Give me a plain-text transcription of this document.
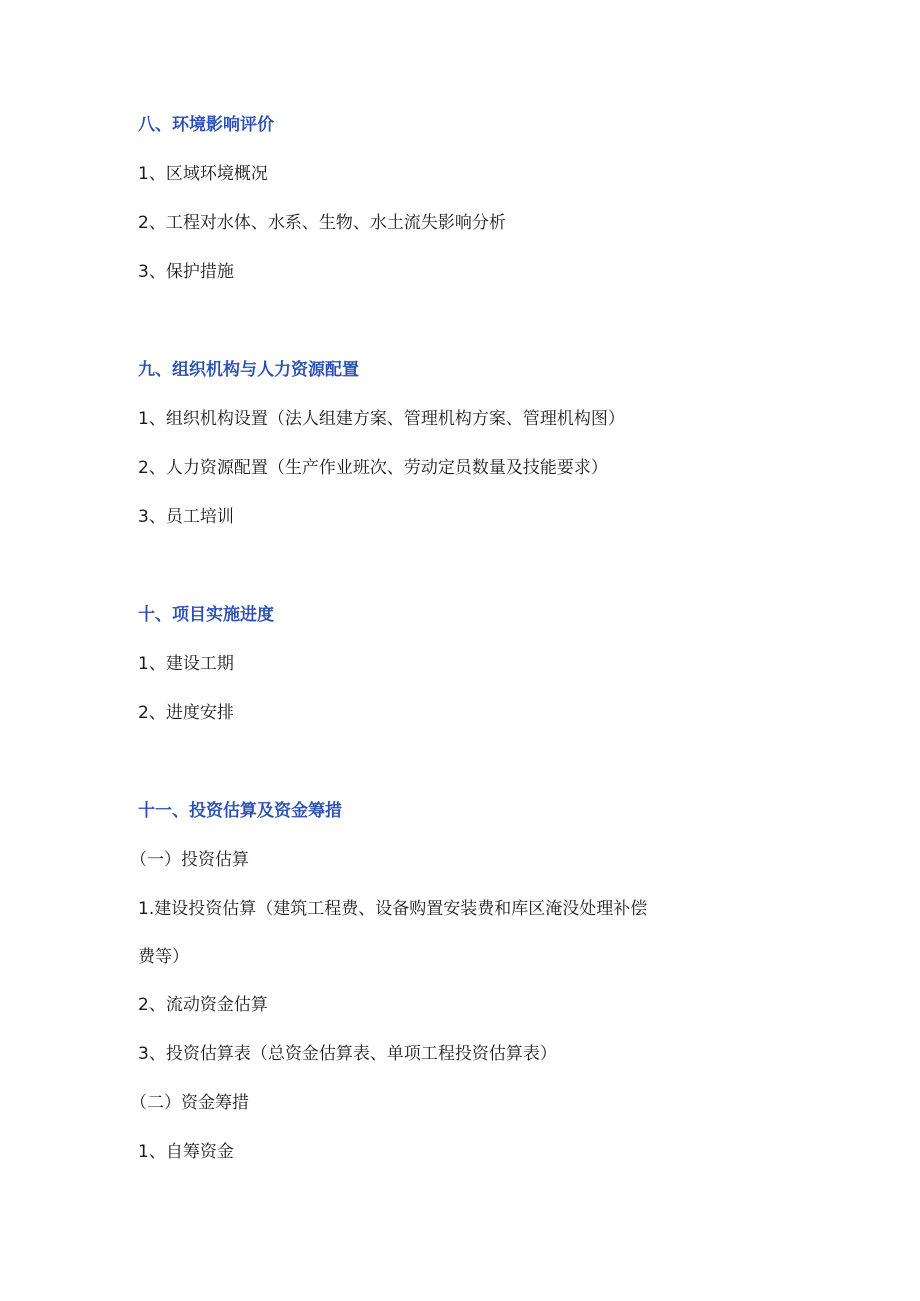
八、环境影响评价

1、区域环境概况

2、工程对水体、水系、生物、水土流失影响分析

3、保护措施

九、组织机构与人力资源配置

1、组织机构设置（法人组建方案、管理机构方案、管理机构图）

2、人力资源配置（生产作业班次、劳动定员数量及技能要求）

3、员工培训

十、项目实施进度

1、建设工期

2、进度安排

十一、投资估算及资金筹措

（一）投资估算

1.建设投资估算（建筑工程费、设备购置安装费和库区淹没处理补偿

费等）

2、流动资金估算

3、投资估算表（总资金估算表、单项工程投资估算表）

（二）资金筹措

1、自筹资金
